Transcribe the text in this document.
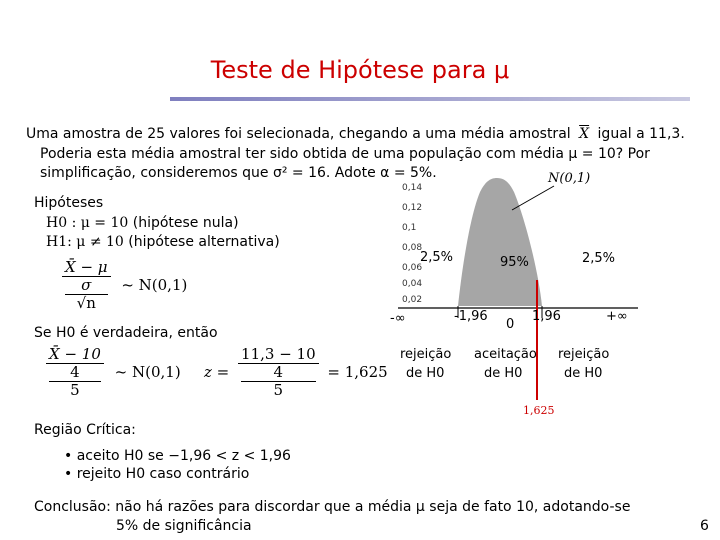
Teste de Hipótese para μ
Uma amostra de 25 valores foi selecionada, chegando a uma média amostral $\overline{X}$ igual a 11,3.
Poderia esta média amostral ter sido obtida de uma população com média μ = 10? Por
simplificação, consideremos que σ² = 16. Adote α = 5%.
Hipóteses
H0 : μ = 10 (hipótese nula)
H1: μ ≠ 10 (hipótese alternativa)
X̄ − μ
σ
√n ~ N(0,1)
Se H0 é verdadeira, então
X̄ − 10
4
5 ~ N(0,1) z = 11,3 − 10
4
5 = 1,625
0,14
0,12
0,1
0,08
0,06
0,04
0,02
N(0,1)
2,5%	95%	2,5%
-∞	-1,96
0
1,96	+∞
rejeição
de H0
aceitação
de H0
rejeição
de H0
1,625
Região Crítica:
• aceito H0 se −1,96 < z < 1,96
• rejeito H0 caso contrário
Conclusão: não há razões para discordar que a média μ seja de fato 10, adotando-se
5% de significância	6
